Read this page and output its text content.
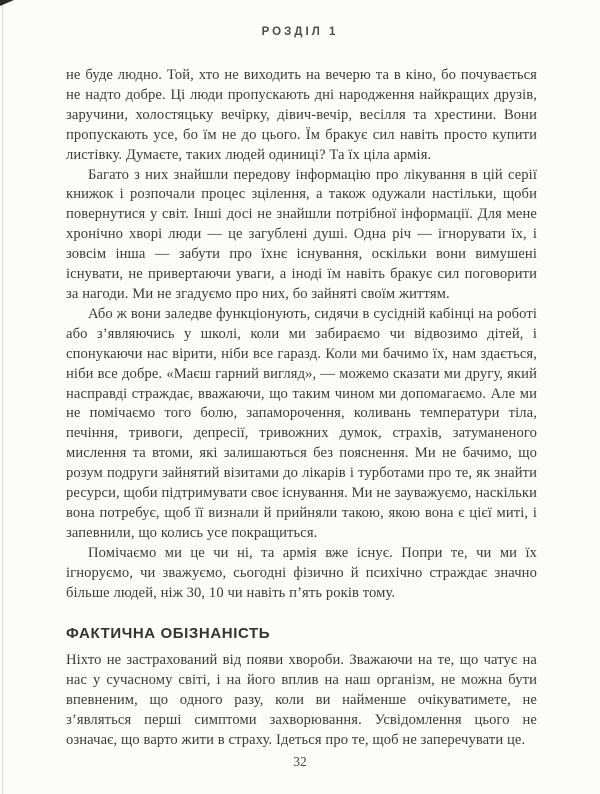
РОЗДІЛ 1

не буде людно. Той, хто не виходить на вечерю та в кіно, бо почувається не надто добре. Ці люди пропускають дні народження найкращих друзів, заручини, холостяцьку вечірку, дівич-вечір, весілля та хрестини. Вони пропускають усе, бо їм не до цього. Їм бракує сил навіть просто купити листівку. Думаєте, таких людей одиниці? Та їх ціла армія.

Багато з них знайшли передову інформацію про лікування в цій серії книжок і розпочали процес зцілення, а також одужали настільки, щоби повернутися у світ. Інші досі не знайшли потрібної інформації. Для мене хронічно хворі люди — це загублені душі. Одна річ — ігнорувати їх, і зовсім інша — забути про їхнє існування, оскільки вони вимушені існувати, не привертаючи уваги, а іноді їм навіть бракує сил поговорити за нагоди. Ми не згадуємо про них, бо зайняті своїм життям.

Або ж вони заледве функціонують, сидячи в сусідній кабінці на роботі або з’являючись у школі, коли ми забираємо чи відвозимо дітей, і спонукаючи нас вірити, ніби все гаразд. Коли ми бачимо їх, нам здається, ніби все добре. «Маєш гарний вигляд», — можемо сказати ми другу, який насправді страждає, вважаючи, що таким чином ми допомагаємо. Але ми не помічаємо того болю, запаморочення, коливань температури тіла, печіння, тривоги, депресії, тривожних думок, страхів, затуманеного мислення та втоми, які залишаються без пояснення. Ми не бачимо, що розум подруги зайнятий візитами до лікарів і турботами про те, як знайти ресурси, щоби підтримувати своє існування. Ми не зауважуємо, наскільки вона потребує, щоб її визнали й прийняли такою, якою вона є цієї миті, і запевнили, що колись усе покращиться.

Помічаємо ми це чи ні, та армія вже існує. Попри те, чи ми їх ігноруємо, чи зважуємо, сьогодні фізично й психічно страждає значно більше людей, ніж 30, 10 чи навіть п’ять років тому.

ФАКТИЧНА ОБІЗНАНІСТЬ

Ніхто не застрахований від появи хвороби. Зважаючи на те, що чатує на нас у сучасному світі, і на його вплив на наш організм, не можна бути впевненим, що одного разу, коли ви найменше очікуватимете, не з’являться перші симптоми захворювання. Усвідомлення цього не означає, що варто жити в страху. Ідеться про те, щоб не заперечувати це.

32
